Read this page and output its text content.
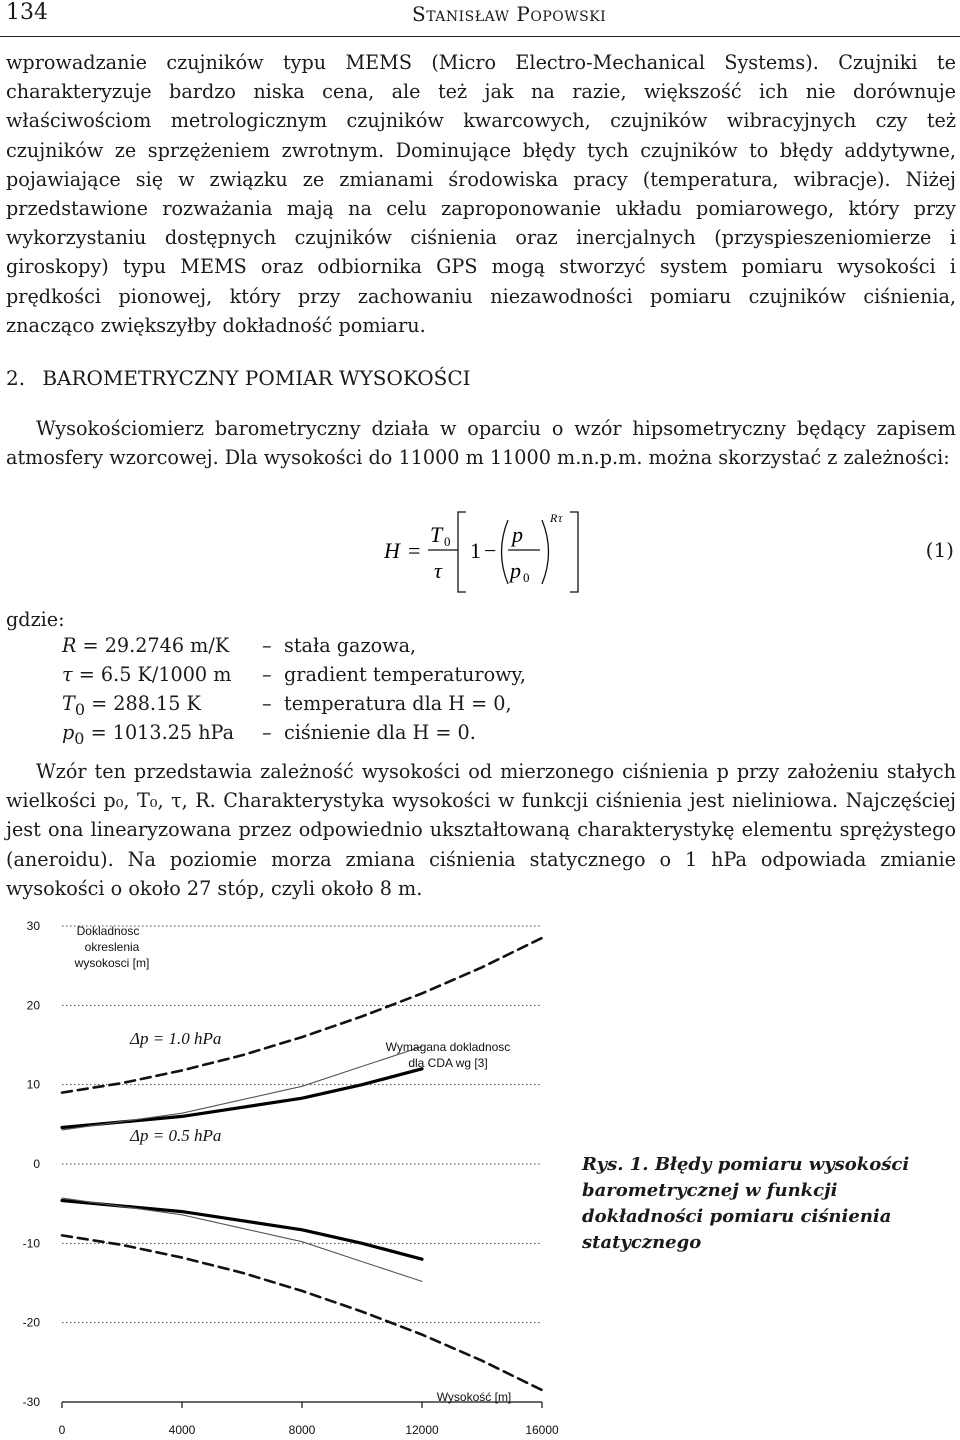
134	Stanisław Popowski

wprowadzanie czujników typu MEMS (Micro Electro-Mechanical Systems). Czujniki te charakteryzuje bardzo niska cena, ale też jak na razie, większość ich nie dorównuje właściwościom metrologicznym czujników kwarcowych, czujników wibracyjnych czy też czujników ze sprzężeniem zwrotnym. Dominujące błędy tych czujników to błędy addytywne, pojawiające się w związku ze zmianami środowiska pracy (temperatura, wibracje). Niżej przedstawione rozważania mają na celu zaproponowanie układu pomiarowego, który przy wykorzystaniu dostępnych czujników ciśnienia oraz inercjalnych (przyspieszeniomierze i giroskopy) typu MEMS oraz odbiornika GPS mogą stworzyć system pomiaru wysokości i prędkości pionowej, który przy zachowaniu niezawodności pomiaru czujników ciśnienia, znacząco zwiększyłby dokładność pomiaru.

2. BAROMETRYCZNY POMIAR WYSOKOŚCI

Wysokościomierz barometryczny działa w oparciu o wzór hipsometryczny będący zapisem atmosfery wzorcowej. Dla wysokości do 11000 m 11000 m.n.p.m. można skorzystać z zależności:

H =
T 0
τ
1 −
p
p 0
R τ
(1)
gdzie:
R = 29.2746 m/K – stała gazowa,
τ = 6.5 K/1000 m – gradient temperaturowy,
$T_0 = 288.15$ K	– temperatura dla H = 0,
$p_0 = 1013.25$ hPa – ciśnienie dla H = 0.

Wzór ten przedstawia zależność wysokości od mierzonego ciśnienia p przy założeniu stałych wielkości p₀, T₀, τ, R. Charakterystyka wysokości w funkcji ciśnienia jest nieliniowa. Najczęściej jest ona linearyzowana przez odpowiednio ukształtowaną charakterystykę elementu sprężystego (aneroidu). Na poziomie morza zmiana ciśnienia statycznego o 1 hPa odpowiada zmianie wysokości o około 27 stóp, czyli około 8 m.

30
20
10
0
-10
-20
-30
0	4000	8000	12000	16000
Dokladnosc
okreslenia
wysokosci [m]
Δp = 1.0 hPa
Δp = 0.5 hPa
Wymagana dokladnosc
dla CDA wg [3]
Wysokość [m]
Rys. 1. Błędy pomiaru wysokości barometrycznej w funkcji dokładności pomiaru ciśnienia statycznego
